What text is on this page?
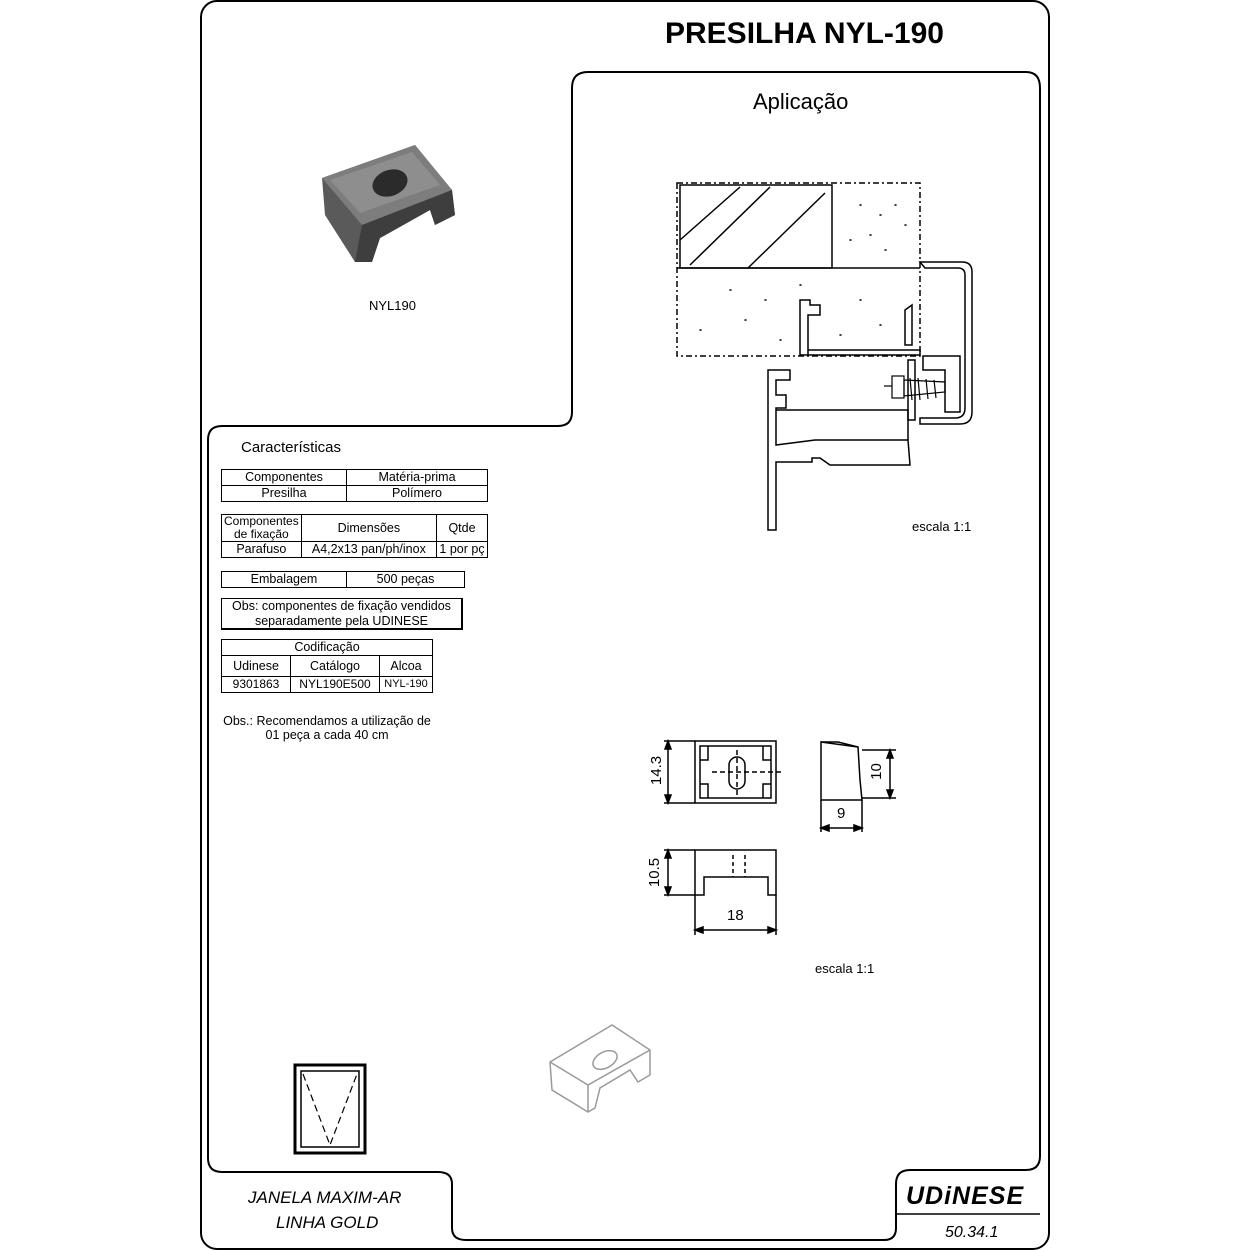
PRESILHA NYL-190
Aplicação
NYL190
escala 1:1
escala 1:1
14.3	10
9
10.5
18
Características
Componentes	Matéria-prima
Presilha	Polímero
Componentes de fixação	Dimensões	Qtde
Parafuso	A4,2x13 pan/ph/inox	1 por pç
Embalagem	500 peças
Obs: componentes de fixação vendidos separadamente pela UDINESE
Codificação		
Udinese	Catálogo	Alcoa
9301863	NYL190E500	NYL-190
Obs.: Recomendamos a utilização de 01 peça a cada 40 cm
JANELA MAXIM-AR
LINHA GOLD
UDiNESE
50.34.1
